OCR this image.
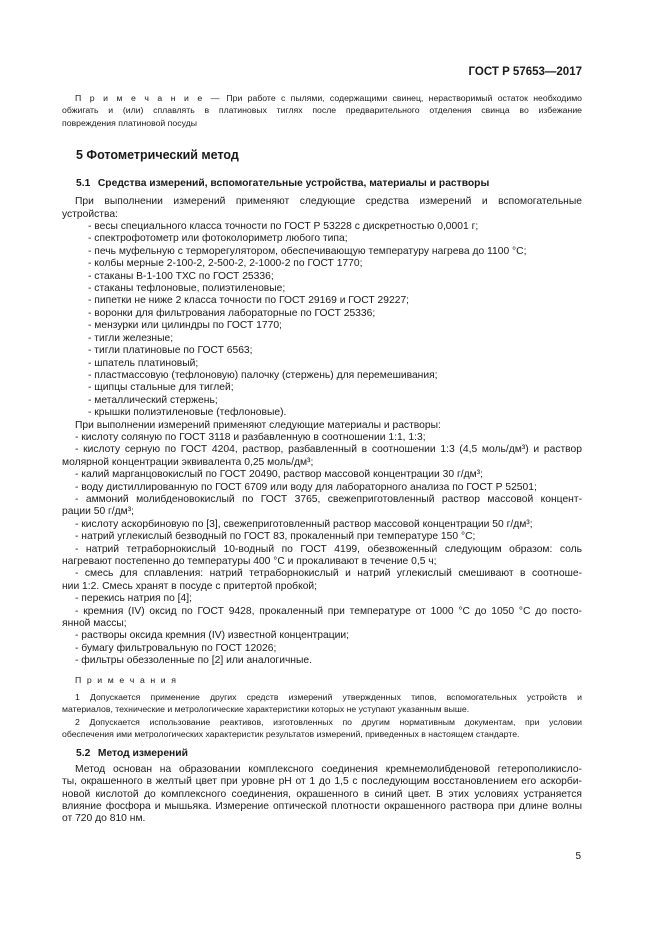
ГОСТ Р 57653—2017
П р и м е ч а н и е — При работе с пылями, содержащими свинец, нерастворимый остаток необходимо
обжигать и (или) сплавлять в платиновых тиглях после предварительного отделения свинца во избежание
повреждения платиновой посуды
5 Фотометрический метод
5.1 Средства измерений, вспомогательные устройства, материалы и растворы
При выполнении измерений применяют следующие средства измерений и вспомогательные
устройства:
- весы специального класса точности по ГОСТ Р 53228 с дискретностью 0,0001 г;
- спектрофотометр или фотоколориметр любого типа;
- печь муфельную с терморегулятором, обеспечивающую температуру нагрева до 1100 °С;
- колбы мерные 2-100-2, 2-500-2, 2-1000-2 по ГОСТ 1770;
- стаканы В-1-100 ТХС по ГОСТ 25336;
- стаканы тефлоновые, полиэтиленовые;
- пипетки не ниже 2 класса точности по ГОСТ 29169 и ГОСТ 29227;
- воронки для фильтрования лабораторные по ГОСТ 25336;
- мензурки или цилиндры по ГОСТ 1770;
- тигли железные;
- тигли платиновые по ГОСТ 6563;
- шпатель платиновый;
- пластмассовую (тефлоновую) палочку (стержень) для перемешивания;
- щипцы стальные для тиглей;
- металлический стержень;
- крышки полиэтиленовые (тефлоновые).
При выполнении измерений применяют следующие материалы и растворы:
- кислоту соляную по ГОСТ 3118 и разбавленную в соотношении 1:1, 1:3;
- кислоту серную по ГОСТ 4204, раствор, разбавленный в соотношении 1:3 (4,5 моль/дм³) и раствор
молярной концентрации эквивалента 0,25 моль/дм³;
- калий марганцовокислый по ГОСТ 20490, раствор массовой концентрации 30 г/дм³;
- воду дистиллированную по ГОСТ 6709 или воду для лабораторного анализа по ГОСТ Р 52501;
- аммоний молибденовокислый по ГОСТ 3765, свежеприготовленный раствор массовой концент-
рации 50 г/дм³;
- кислоту аскорбиновую по [3], свежеприготовленный раствор массовой концентрации 50 г/дм³;
- натрий углекислый безводный по ГОСТ 83, прокаленный при температуре 150 °С;
- натрий тетраборнокислый 10-водный по ГОСТ 4199, обезвоженный следующим образом: соль
нагревают постепенно до температуры 400 °С и прокаливают в течение 0,5 ч;
- смесь для сплавления: натрий тетраборнокислый и натрий углекислый смешивают в соотноше-
нии 1:2. Смесь хранят в посуде с притертой пробкой;
- перекись натрия по [4];
- кремния (IV) оксид по ГОСТ 9428, прокаленный при температуре от 1000 °С до 1050 °С до посто-
янной массы;
- растворы оксида кремния (IV) известной концентрации;
- бумагу фильтровальную по ГОСТ 12026;
- фильтры обеззоленные по [2] или аналогичные.
П р и м е ч а н и я
1 Допускается применение других средств измерений утвержденных типов, вспомогательных устройств и
материалов, технические и метрологические характеристики которых не уступают указанным выше.
2 Допускается использование реактивов, изготовленных по другим нормативным документам, при условии
обеспечения ими метрологических характеристик результатов измерений, приведенных в настоящем стандарте.
5.2 Метод измерений
Метод основан на образовании комплексного соединения кремнемолибденовой гетерополикисло-
ты, окрашенного в желтый цвет при уровне рН от 1 до 1,5 с последующим восстановлением его аскорби-
новой кислотой до комплексного соединения, окрашенного в синий цвет. В этих условиях устраняется
влияние фосфора и мышьяка. Измерение оптической плотности окрашенного раствора при длине волны
от 720 до 810 нм.
5
